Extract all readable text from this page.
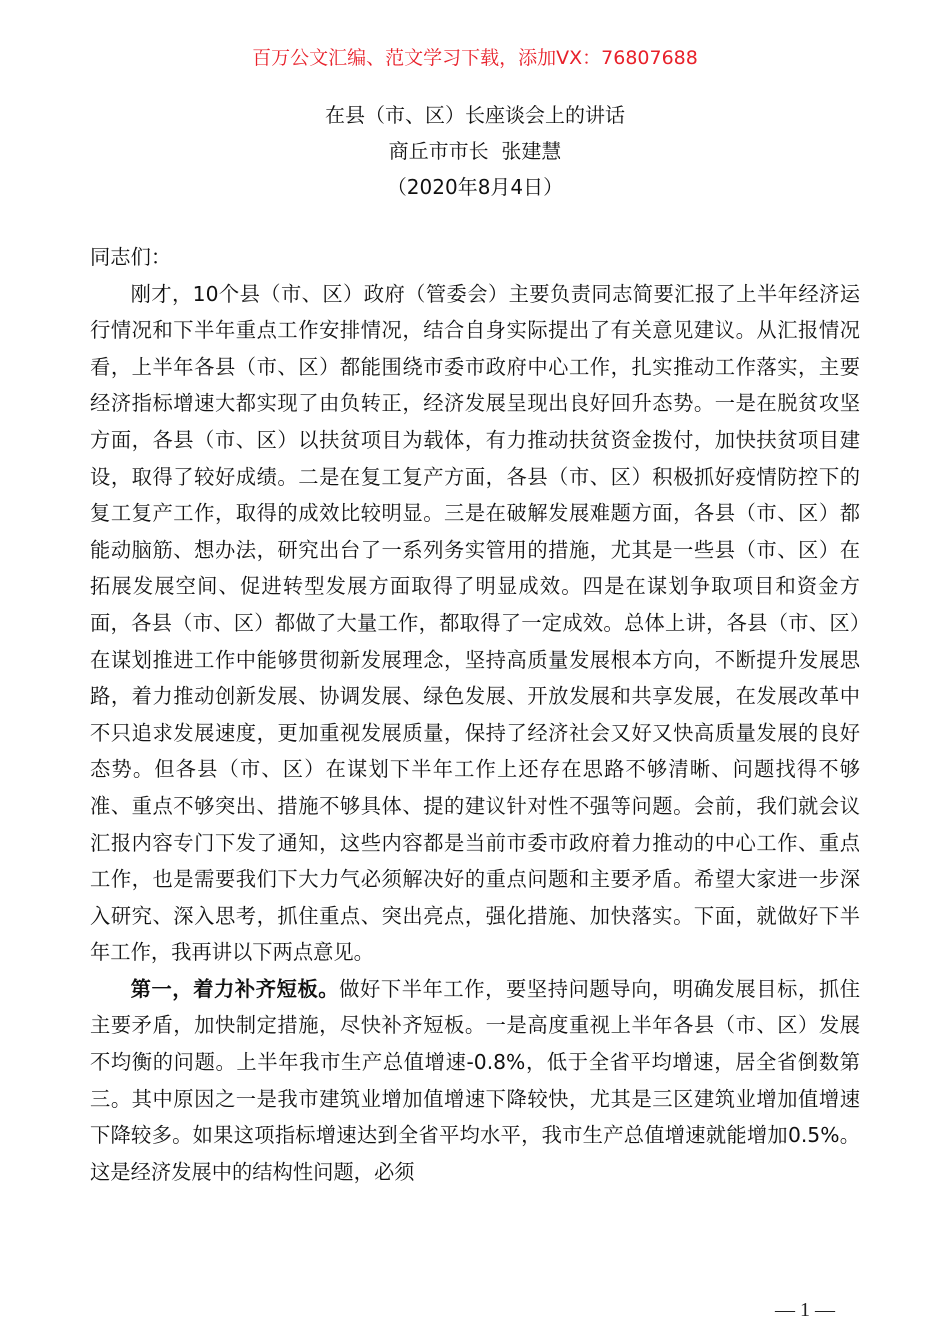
百万公文汇编、范文学习下载，添加VX：76807688
在县（市、区）长座谈会上的讲话
商丘市市长  张建慧
（2020年8月4日）

同志们：

刚才，10个县（市、区）政府（管委会）主要负责同志简要汇报了上半年经济运行情况和下半年重点工作安排情况，结合自身实际提出了有关意见建议。从汇报情况看，上半年各县（市、区）都能围绕市委市政府中心工作，扎实推动工作落实，主要经济指标增速大都实现了由负转正，经济发展呈现出良好回升态势。一是在脱贫攻坚方面，各县（市、区）以扶贫项目为载体，有力推动扶贫资金拨付，加快扶贫项目建设，取得了较好成绩。二是在复工复产方面，各县（市、区）积极抓好疫情防控下的复工复产工作，取得的成效比较明显。三是在破解发展难题方面，各县（市、区）都能动脑筋、想办法，研究出台了一系列务实管用的措施，尤其是一些县（市、区）在拓展发展空间、促进转型发展方面取得了明显成效。四是在谋划争取项目和资金方面，各县（市、区）都做了大量工作，都取得了一定成效。总体上讲，各县（市、区）在谋划推进工作中能够贯彻新发展理念，坚持高质量发展根本方向，不断提升发展思路，着力推动创新发展、协调发展、绿色发展、开放发展和共享发展，在发展改革中不只追求发展速度，更加重视发展质量，保持了经济社会又好又快高质量发展的良好态势。但各县（市、区）在谋划下半年工作上还存在思路不够清晰、问题找得不够准、重点不够突出、措施不够具体、提的建议针对性不强等问题。会前，我们就会议汇报内容专门下发了通知，这些内容都是当前市委市政府着力推动的中心工作、重点工作，也是需要我们下大力气必须解决好的重点问题和主要矛盾。希望大家进一步深入研究、深入思考，抓住重点、突出亮点，强化措施、加快落实。下面，就做好下半年工作，我再讲以下两点意见。

第一，着力补齐短板。做好下半年工作，要坚持问题导向，明确发展目标，抓住主要矛盾，加快制定措施，尽快补齐短板。一是高度重视上半年各县（市、区）发展不均衡的问题。上半年我市生产总值增速-0.8%，低于全省平均增速，居全省倒数第三。其中原因之一是我市建筑业增加值增速下降较快，尤其是三区建筑业增加值增速下降较多。如果这项指标增速达到全省平均水平，我市生产总值增速就能增加0.5%。这是经济发展中的结构性问题，必须

— 1 —
